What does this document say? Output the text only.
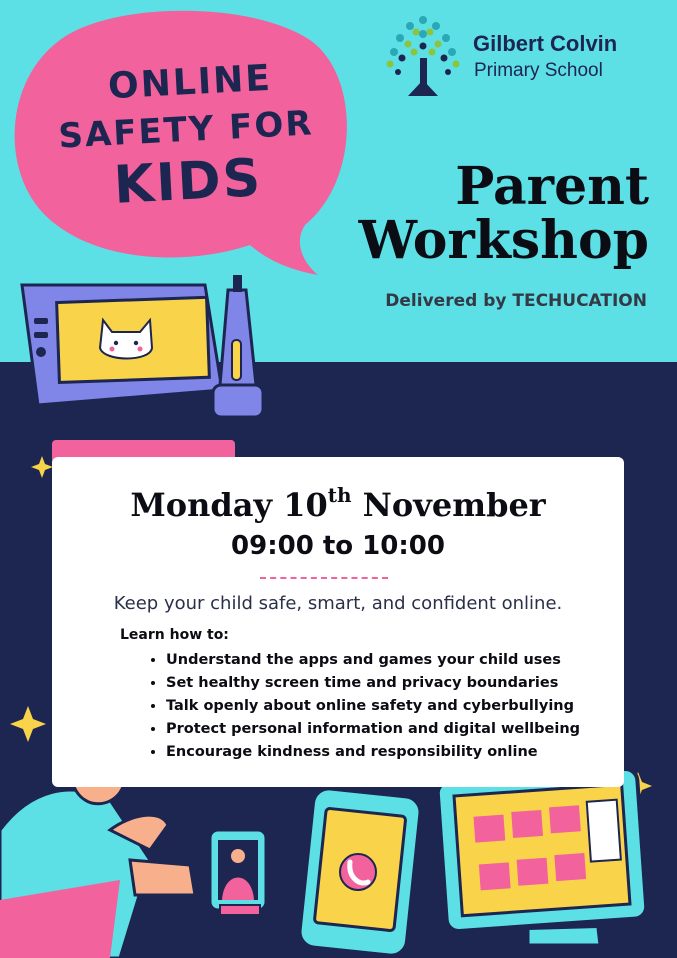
ONLINE
SAFETY FOR
KIDS
Gilbert Colvin
Primary School
Parent
Workshop
Delivered by TECHUCATION
Monday 10th November
09:00 to 10:00
Keep your child safe, smart, and confident online.
Learn how to:
• Understand the apps and games your child uses
• Set healthy screen time and privacy boundaries
• Talk openly about online safety and cyberbullying
• Protect personal information and digital wellbeing
• Encourage kindness and responsibility online
